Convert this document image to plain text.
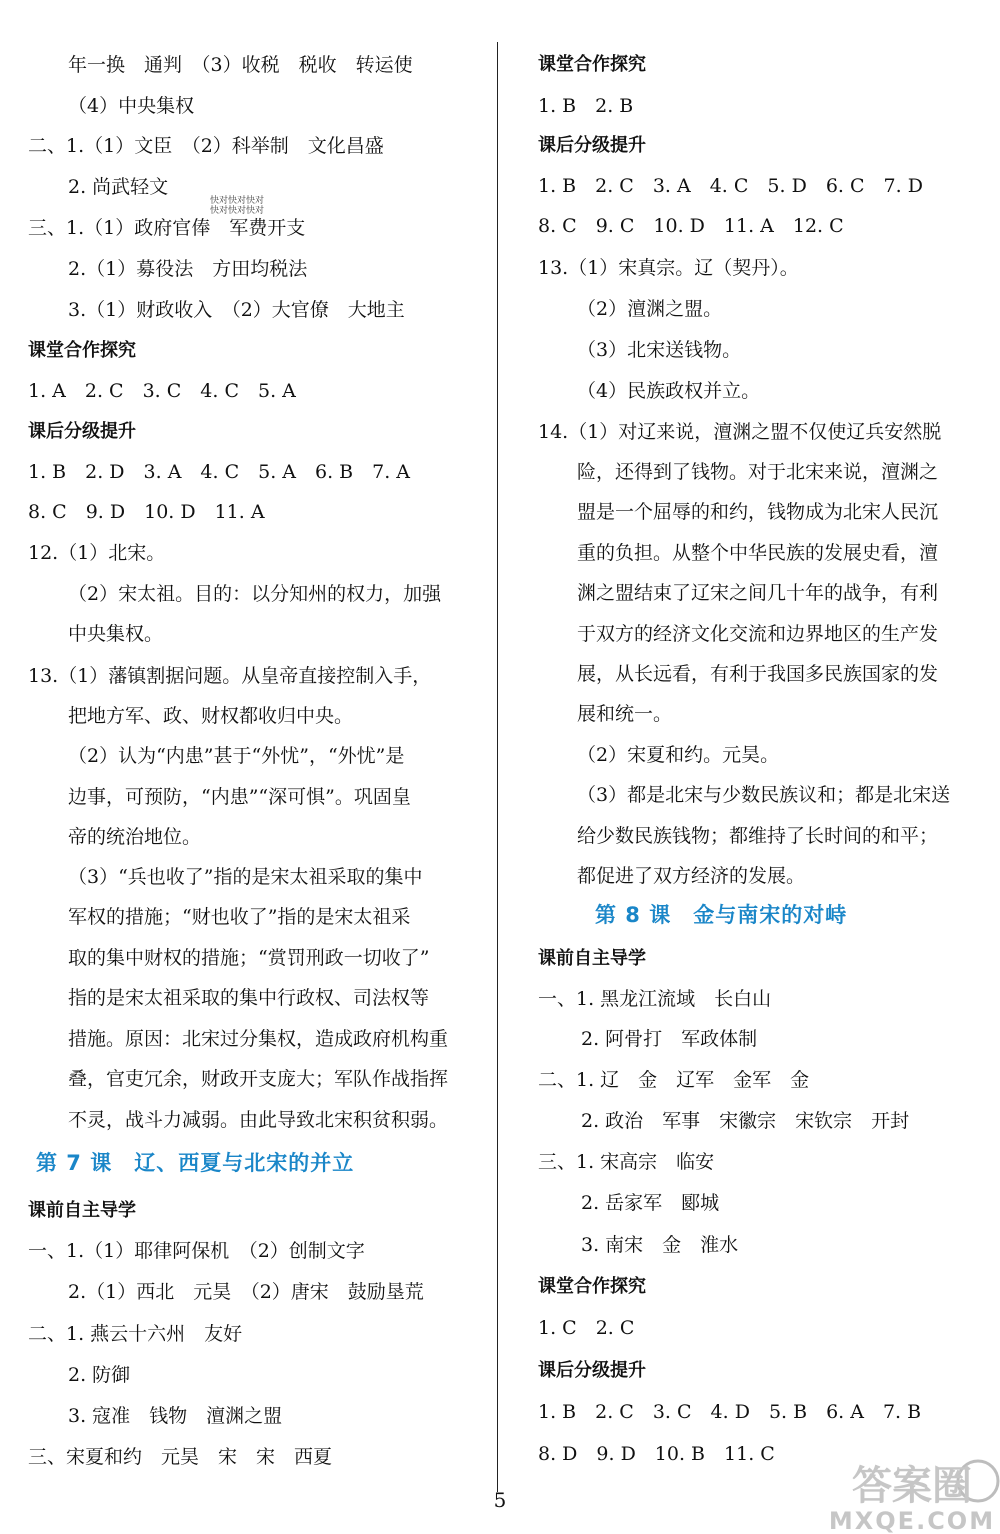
年一换　通判　（3）收税　税收　转运使
（4）中央集权
二、1.（1）文臣　（2）科举制　文化昌盛
2. 尚武轻文
三、1.（1）政府官俸　军费开支
2.（1）募役法　方田均税法
3.（1）财政收入　（2）大官僚　大地主
课堂合作探究
1. A　2. C　3. C　4. C　5. A
课后分级提升
1. B　2. D　3. A　4. C　5. A　6. B　7. A
8. C　9. D　10. D　11. A
12.（1）北宋。
（2）宋太祖。目的：以分知州的权力，加强
中央集权。
13.（1）藩镇割据问题。从皇帝直接控制入手，
把地方军、政、财权都收归中央。
（2）认为“内患”甚于“外忧”，“外忧”是
边事，可预防，“内患”“深可惧”。巩固皇
帝的统治地位。
（3）“兵也收了”指的是宋太祖采取的集中
军权的措施；“财也收了”指的是宋太祖采
取的集中财权的措施；“赏罚刑政一切收了”
指的是宋太祖采取的集中行政权、司法权等
措施。原因：北宋过分集权，造成政府机构重
叠，官吏冗余，财政开支庞大；军队作战指挥
不灵，战斗力减弱。由此导致北宋积贫积弱。
第 7 课　辽、西夏与北宋的并立
课前自主导学
一、1.（1）耶律阿保机　（2）创制文字
2.（1）西北　元昊　（2）唐宋　鼓励垦荒
二、1. 燕云十六州　友好
2. 防御
3. 寇准　钱物　澶渊之盟
三、宋夏和约　元昊　宋　宋　西夏
课堂合作探究
1. B　2. B
课后分级提升
1. B　2. C　3. A　4. C　5. D　6. C　7. D
8. C　9. C　10. D　11. A　12. C
13.（1）宋真宗。辽（契丹）。
（2）澶渊之盟。
（3）北宋送钱物。
（4）民族政权并立。
14.（1）对辽来说，澶渊之盟不仅使辽兵安然脱
险，还得到了钱物。对于北宋来说，澶渊之
盟是一个屈辱的和约，钱物成为北宋人民沉
重的负担。从整个中华民族的发展史看，澶
渊之盟结束了辽宋之间几十年的战争，有利
于双方的经济文化交流和边界地区的生产发
展，从长远看，有利于我国多民族国家的发
展和统一。
（2）宋夏和约。元昊。
（3）都是北宋与少数民族议和；都是北宋送
给少数民族钱物；都维持了长时间的和平；
都促进了双方经济的发展。
第 8 课　金与南宋的对峙
课前自主导学
一、1. 黑龙江流域　长白山
2. 阿骨打　军政体制
二、1. 辽　金　辽军　金军　金
2. 政治　军事　宋徽宗　宋钦宗　开封
三、1. 宋高宗　临安
2. 岳家军　郾城
3. 南宋　金　淮水
课堂合作探究
1. C　2. C
课后分级提升
1. B　2. C　3. C　4. D　5. B　6. A　7. B
8. D　9. D　10. B　11. C
快对快对快对
快对快对快对
5	答案圈
MXQE.COM
